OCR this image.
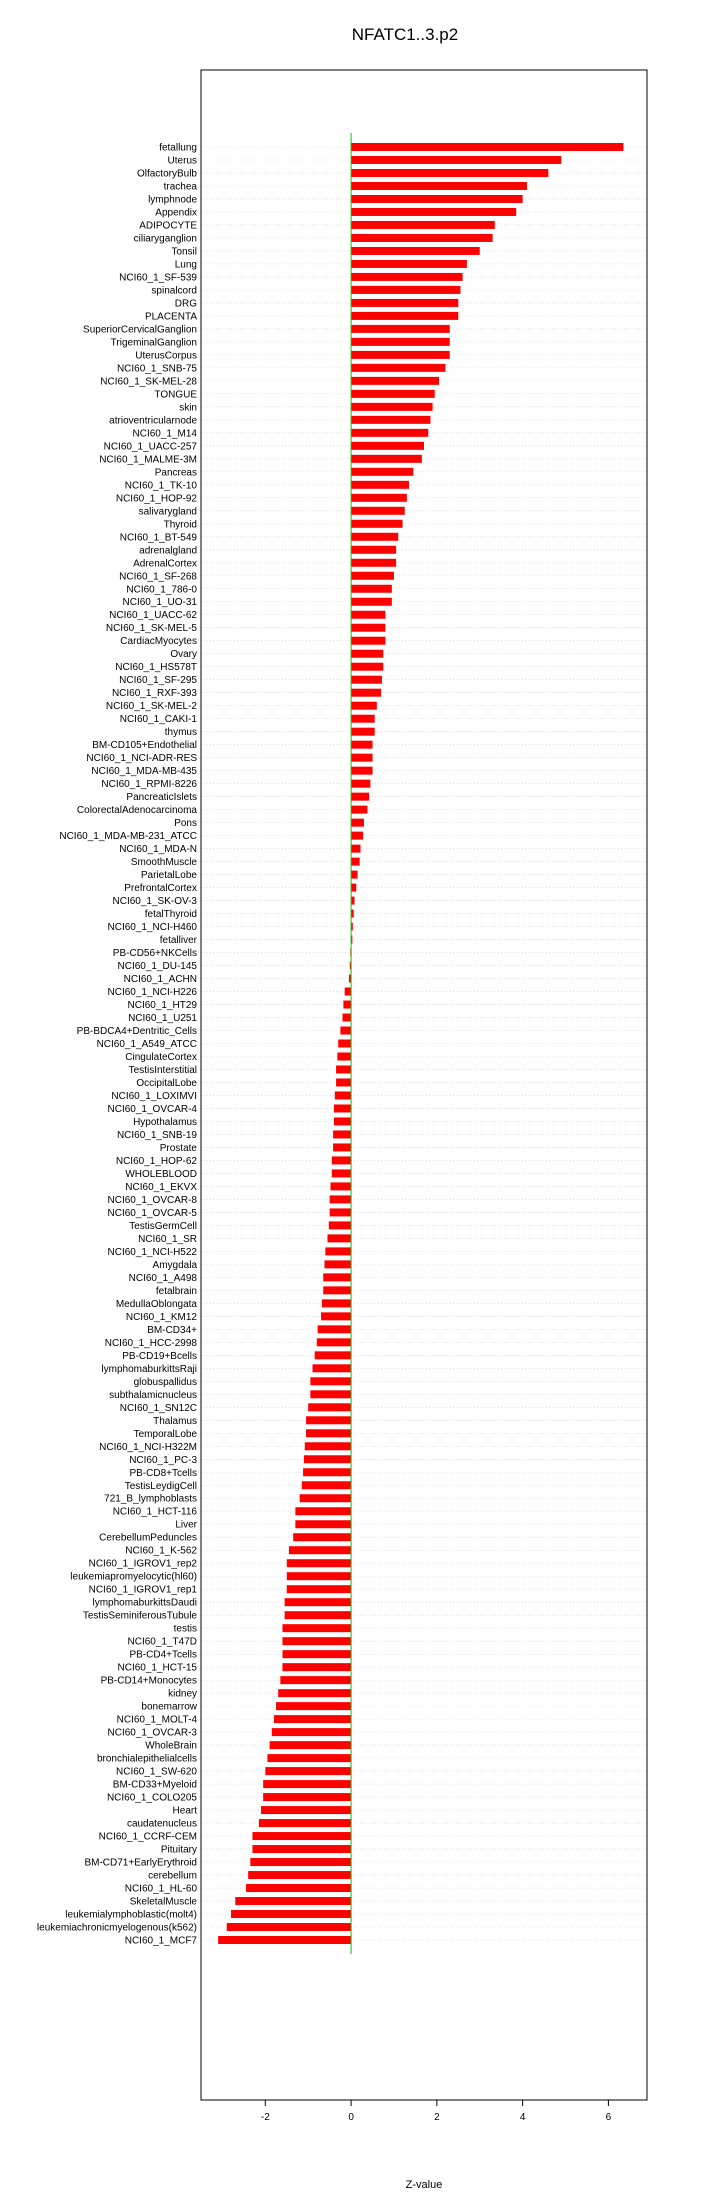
NFATC1..3.p2
fetallung
Uterus
OlfactoryBulb
trachea
lymphnode
Appendix
ADIPOCYTE
ciliaryganglion
Tonsil
Lung
NCI60_1_SF-539
spinalcord
DRG
PLACENTA
SuperiorCervicalGanglion
TrigeminalGanglion
UterusCorpus
NCI60_1_SNB-75
NCI60_1_SK-MEL-28
TONGUE
skin
atrioventricularnode
NCI60_1_M14
NCI60_1_UACC-257
NCI60_1_MALME-3M
Pancreas
NCI60_1_TK-10
NCI60_1_HOP-92
salivarygland
Thyroid
NCI60_1_BT-549
adrenalgland
AdrenalCortex
NCI60_1_SF-268
NCI60_1_786-0
NCI60_1_UO-31
NCI60_1_UACC-62
NCI60_1_SK-MEL-5
CardiacMyocytes
Ovary
NCI60_1_HS578T
NCI60_1_SF-295
NCI60_1_RXF-393
NCI60_1_SK-MEL-2
NCI60_1_CAKI-1
thymus
BM-CD105+Endothelial
NCI60_1_NCI-ADR-RES
NCI60_1_MDA-MB-435
NCI60_1_RPMI-8226
PancreaticIslets
ColorectalAdenocarcinoma
Pons
NCI60_1_MDA-MB-231_ATCC
NCI60_1_MDA-N
SmoothMuscle
ParietalLobe
PrefrontalCortex
NCI60_1_SK-OV-3
fetalThyroid
NCI60_1_NCI-H460
fetalliver
PB-CD56+NKCells
NCI60_1_DU-145
NCI60_1_ACHN
NCI60_1_NCI-H226
NCI60_1_HT29
NCI60_1_U251
PB-BDCA4+Dentritic_Cells
NCI60_1_A549_ATCC
CingulateCortex
TestisInterstitial
OccipitalLobe
NCI60_1_LOXIMVI
NCI60_1_OVCAR-4
Hypothalamus
NCI60_1_SNB-19
Prostate
NCI60_1_HOP-62
WHOLEBLOOD
NCI60_1_EKVX
NCI60_1_OVCAR-8
NCI60_1_OVCAR-5
TestisGermCell
NCI60_1_SR
NCI60_1_NCI-H522
Amygdala
NCI60_1_A498
fetalbrain
MedullaOblongata
NCI60_1_KM12
BM-CD34+
NCI60_1_HCC-2998
PB-CD19+Bcells
lymphomaburkittsRaji
globuspallidus
subthalamicnucleus
NCI60_1_SN12C
Thalamus
TemporalLobe
NCI60_1_NCI-H322M
NCI60_1_PC-3
PB-CD8+Tcells
TestisLeydigCell
721_B_lymphoblasts
NCI60_1_HCT-116
Liver
CerebellumPeduncles
NCI60_1_K-562
NCI60_1_IGROV1_rep2
leukemiapromyelocytic(hl60)
NCI60_1_IGROV1_rep1
lymphomaburkittsDaudi
TestisSeminiferousTubule
testis
NCI60_1_T47D
PB-CD4+Tcells
NCI60_1_HCT-15
PB-CD14+Monocytes
kidney
bonemarrow
NCI60_1_MOLT-4
NCI60_1_OVCAR-3
WholeBrain
bronchialepithelialcells
NCI60_1_SW-620
BM-CD33+Myeloid
NCI60_1_COLO205
Heart
caudatenucleus
NCI60_1_CCRF-CEM
Pituitary
BM-CD71+EarlyErythroid
cerebellum
NCI60_1_HL-60
SkeletalMuscle
leukemialymphoblastic(molt4)
leukemiachronicmyelogenous(k562)
NCI60_1_MCF7
-2	0	2	4	6
Z-value
